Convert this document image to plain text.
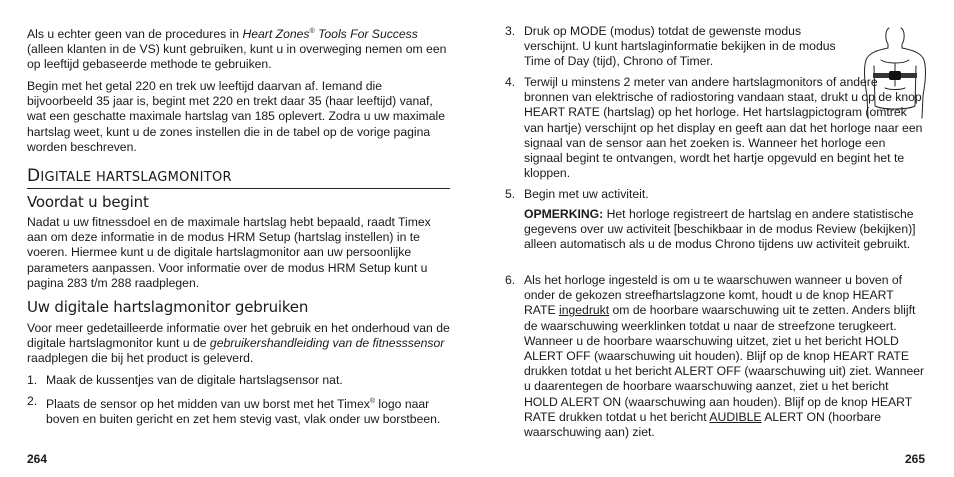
Als u echter geen van de procedures in Heart Zones® Tools For Success (alleen klanten in de VS) kunt gebruiken, kunt u in overweging nemen om een op leeftijd gebaseerde methode te gebruiken.

Begin met het getal 220 en trek uw leeftijd daarvan af. Iemand die bijvoorbeeld 35 jaar is, begint met 220 en trekt daar 35 (haar leeftijd) vanaf, wat een geschatte maximale hartslag van 185 oplevert. Zodra u uw maximale hartslag weet, kunt u de zones instellen die in de tabel op de vorige pagina worden beschreven.

DIGITALE HARTSLAGMONITOR
Voordat u begint

Nadat u uw fitnessdoel en de maximale hartslag hebt bepaald, raadt Timex aan om deze informatie in de modus HRM Setup (hartslag instellen) in te voeren. Hiermee kunt u de digitale hartslagmonitor aan uw persoonlijke parameters aanpassen. Voor informatie over de modus HRM Setup kunt u pagina 283 t/m 288 raadplegen.

Uw digitale hartslagmonitor gebruiken

Voor meer gedetailleerde informatie over het gebruik en het onderhoud van de digitale hartslagmonitor kunt u de gebruikershandleiding van de fitnesssensor raadplegen die bij het product is geleverd.

1. Maak de kussentjes van de digitale hartslagsensor nat.

2. Plaats de sensor op het midden van uw borst met het Timex® logo naar boven en buiten gericht en zet hem stevig vast, vlak onder uw borstbeen.

264
3. Druk op MODE (modus) totdat de gewenste modus verschijnt. U kunt hartslaginformatie bekijken in de modus Time of Day (tijd), Chrono of Timer.

4. Terwijl u minstens 2 meter van andere hartslagmonitors of andere bronnen van elektrische of radiostoring vandaan staat, drukt u op de knop HEART RATE (hartslag) op het horloge. Het hartslagpictogram (omtrek van hartje) verschijnt op het display en geeft aan dat het horloge naar een signaal van de sensor aan het zoeken is. Wanneer het horloge een signaal begint te ontvangen, wordt het hartje opgevuld en begint het te kloppen.

5. Begin met uw activiteit.

OPMERKING: Het horloge registreert de hartslag en andere statistische gegevens over uw activiteit [beschikbaar in de modus Review (bekijken)] alleen automatisch als u de modus Chrono tijdens uw activiteit gebruikt.

6. Als het horloge ingesteld is om u te waarschuwen wanneer u boven of onder de gekozen streefhartslagzone komt, houdt u de knop HEART RATE ingedrukt om de hoorbare waarschuwing uit te zetten. Anders blijft de waarschuwing weerklinken totdat u naar de streefzone terugkeert. Wanneer u de hoorbare waarschuwing uitzet, ziet u het bericht HOLD ALERT OFF (waarschuwing uit houden). Blijf op de knop HEART RATE drukken totdat u het bericht ALERT OFF (waarschuwing uit) ziet. Wanneer u daarentegen de hoorbare waarschuwing aanzet, ziet u het bericht HOLD ALERT ON (waarschuwing aan houden). Blijf op de knop HEART RATE drukken totdat u het bericht AUDIBLE ALERT ON (hoorbare waarschuwing aan) ziet.

265
